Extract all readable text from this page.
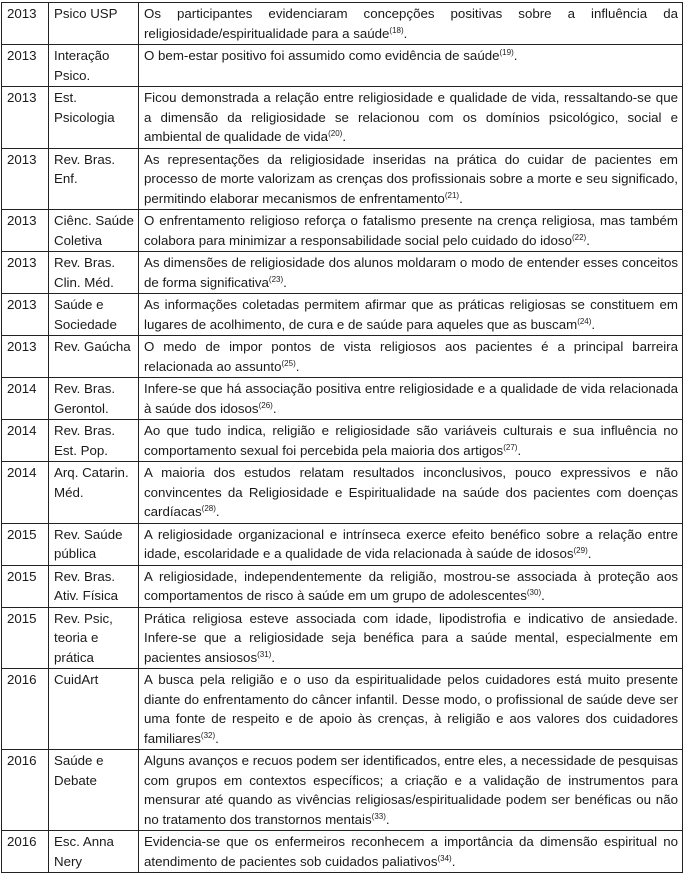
2013	Psico USP	Os participantes evidenciaram concepções positivas sobre a influência da religiosidade/espiritualidade para a saúde$^{(18)}$.
2013	Interação Psico.	O bem-estar positivo foi assumido como evidência de saúde$^{(19)}$.
2013	Est. Psicologia	Ficou demonstrada a relação entre religiosidade e qualidade de vida, ressaltando-se que a dimensão da religiosidade se relacionou com os domínios psicológico, social e ambiental de qualidade de vida$^{(20)}$.
2013	Rev. Bras. Enf.	As representações da religiosidade inseridas na prática do cuidar de pacientes em processo de morte valorizam as crenças dos profissionais sobre a morte e seu significado, permitindo elaborar mecanismos de enfrentamento$^{(21)}$.
2013	Ciênc. Saúde Coletiva	O enfrentamento religioso reforça o fatalismo presente na crença religiosa, mas também colabora para minimizar a responsabilidade social pelo cuidado do idoso$^{(22)}$.
2013	Rev. Bras. Clin. Méd.	As dimensões de religiosidade dos alunos moldaram o modo de entender esses conceitos de forma significativa$^{(23)}$.
2013	Saúde e Sociedade	As informações coletadas permitem afirmar que as práticas religiosas se constituem em lugares de acolhimento, de cura e de saúde para aqueles que as buscam$^{(24)}$.
2013	Rev. Gaúcha	O medo de impor pontos de vista religiosos aos pacientes é a principal barreira relacionada ao assunto$^{(25)}$.
2014	Rev. Bras. Gerontol.	Infere-se que há associação positiva entre religiosidade e a qualidade de vida relacionada à saúde dos idosos$^{(26)}$.
2014	Rev. Bras. Est. Pop.	Ao que tudo indica, religião e religiosidade são variáveis culturais e sua influência no comportamento sexual foi percebida pela maioria dos artigos$^{(27)}$.
2014	Arq. Catarin. Méd.	A maioria dos estudos relatam resultados inconclusivos, pouco expressivos e não convincentes da Religiosidade e Espiritualidade na saúde dos pacientes com doenças cardíacas$^{(28)}$.
2015	Rev. Saúde pública	A religiosidade organizacional e intrínseca exerce efeito benéfico sobre a relação entre idade, escolaridade e a qualidade de vida relacionada à saúde de idosos$^{(29)}$.
2015	Rev. Bras. Ativ. Física	A religiosidade, independentemente da religião, mostrou-se associada à proteção aos comportamentos de risco à saúde em um grupo de adolescentes$^{(30)}$.
2015	Rev. Psic, teoria e prática	Prática religiosa esteve associada com idade, lipodistrofia e indicativo de ansiedade. Infere-se que a religiosidade seja benéfica para a saúde mental, especialmente em pacientes ansiosos$^{(31)}$.
2016	CuidArt	A busca pela religião e o uso da espiritualidade pelos cuidadores está muito presente diante do enfrentamento do câncer infantil. Desse modo, o profissional de saúde deve ser uma fonte de respeito e de apoio às crenças, à religião e aos valores dos cuidadores familiares$^{(32)}$.
2016	Saúde e Debate	Alguns avanços e recuos podem ser identificados, entre eles, a necessidade de pesquisas com grupos em contextos específicos; a criação e a validação de instrumentos para mensurar até quando as vivências religiosas/espiritualidade podem ser benéficas ou não no tratamento dos transtornos mentais$^{(33)}$.
2016	Esc. Anna Nery	Evidencia-se que os enfermeiros reconhecem a importância da dimensão espiritual no atendimento de pacientes sob cuidados paliativos$^{(34)}$.
